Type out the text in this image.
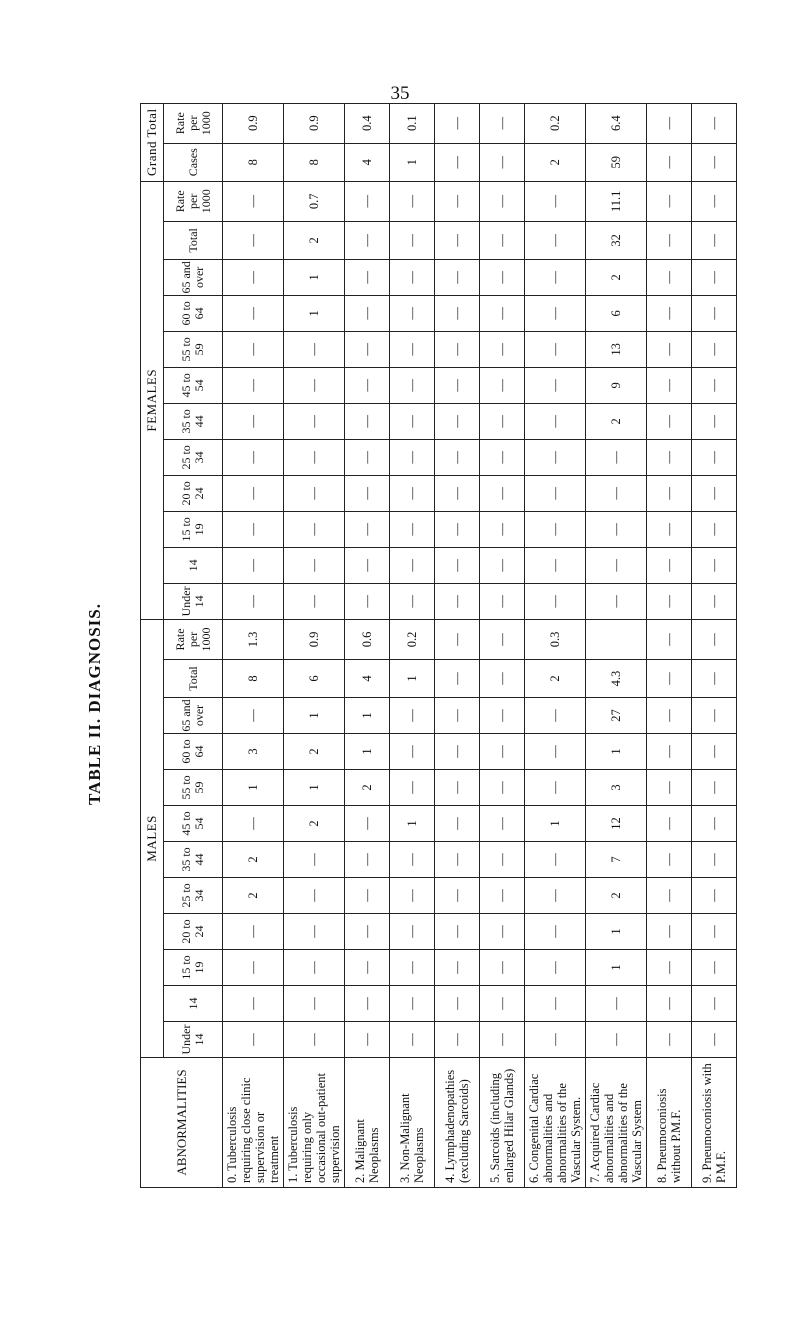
35
TABLE II. DIAGNOSIS.
ABNORMALITIES	MALES												FEMALES												Grand Total	
	Under 14	14	15 to 19	20 to 24	25 to 34	35 to 44	45 to 54	55 to 59	60 to 64	65 and over	Total	Rate per 1000	Under 14	14	15 to 19	20 to 24	25 to 34	35 to 44	45 to 54	55 to 59	60 to 64	65 and over	Total	Rate per 1000	Cases	Rate per 1000
0. Tuberculosis requiring close clinic supervision or treatment	—	—	—	—	2	2	—	1	3	—	8	1.3	—	—	—	—	—	—	—	—	—	—	—	—	8	0.9
1. Tuberculosis requiring only occasional out-patient supervision	—	—	—	—	—	—	2	1	2	1	6	0.9	—	—	—	—	—	—	—	—	1	1	2	0.7	8	0.9
2. Malignant Neoplasms	—	—	—	—	—	—	—	2	1	1	4	0.6	—	—	—	—	—	—	—	—	—	—	—	—	4	0.4
3. Non-Malignant Neoplasms	—	—	—	—	—	—	1	—	—	—	1	0.2	—	—	—	—	—	—	—	—	—	—	—	—	1	0.1
4. Lymphadenopathies (excluding Sarcoids)	—	—	—	—	—	—	—	—	—	—	—	—	—	—	—	—	—	—	—	—	—	—	—	—	—	—
5. Sarcoids (including enlarged Hilar Glands)	—	—	—	—	—	—	—	—	—	—	—	—	—	—	—	—	—	—	—	—	—	—	—	—	—	—
6. Congenital Cardiac abnormalities and abnormalities of the Vascular System.	—	—	—	—	—	—	1	—	—	—	2	0.3	—	—	—	—	—	—	—	—	—	—	—	—	2	0.2
7. Acquired Cardiac abnormalities and abnormalities of the Vascular System	—	—	1	1	2	7	12	3	1	27	4.3		—	—	—	—	—	2	9	13	6	2	32	11.1	59	6.4
8. Pneumoconiosis without P.M.F.	—	—	—	—	—	—	—	—	—	—	—	—	—	—	—	—	—	—	—	—	—	—	—	—	—	—
9. Pneumoconiosis with P.M.F.	—	—	—	—	—	—	—	—	—	—	—	—	—	—	—	—	—	—	—	—	—	—	—	—	—	—
